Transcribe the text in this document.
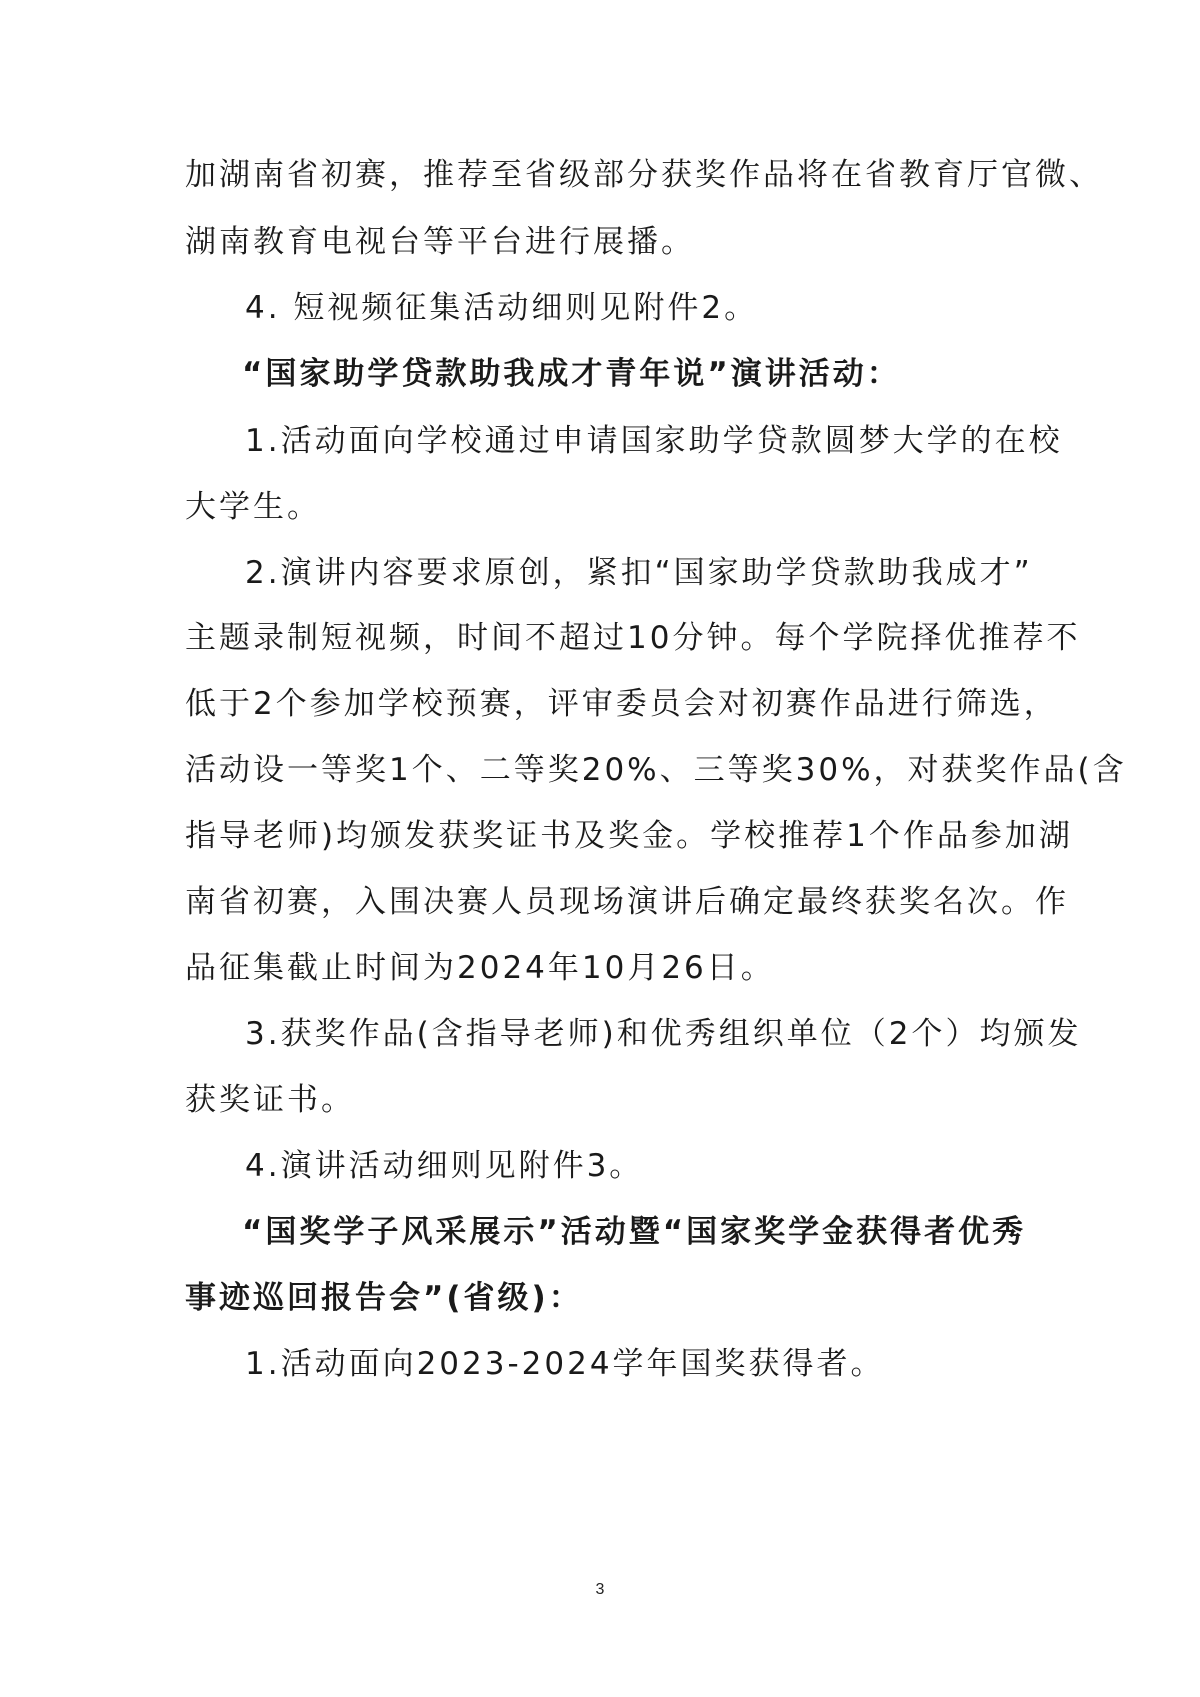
加湖南省初赛，推荐至省级部分获奖作品将在省教育厅官微、
湖南教育电视台等平台进行展播。
4. 短视频征集活动细则见附件2。
“国家助学贷款助我成才青年说”演讲活动：
1.活动面向学校通过申请国家助学贷款圆梦大学的在校
大学生。
2.演讲内容要求原创，紧扣“国家助学贷款助我成才”
主题录制短视频，时间不超过10分钟。每个学院择优推荐不
低于2个参加学校预赛，评审委员会对初赛作品进行筛选，
活动设一等奖1个、二等奖20%、三等奖30%，对获奖作品(含
指导老师)均颁发获奖证书及奖金。学校推荐1个作品参加湖
南省初赛，入围决赛人员现场演讲后确定最终获奖名次。作
品征集截止时间为2024年10月26日。
3.获奖作品(含指导老师)和优秀组织单位（2个）均颁发
获奖证书。
4.演讲活动细则见附件3。
“国奖学子风采展示”活动暨“国家奖学金获得者优秀
事迹巡回报告会”(省级)：
1.活动面向2023-2024学年国奖获得者。
3
